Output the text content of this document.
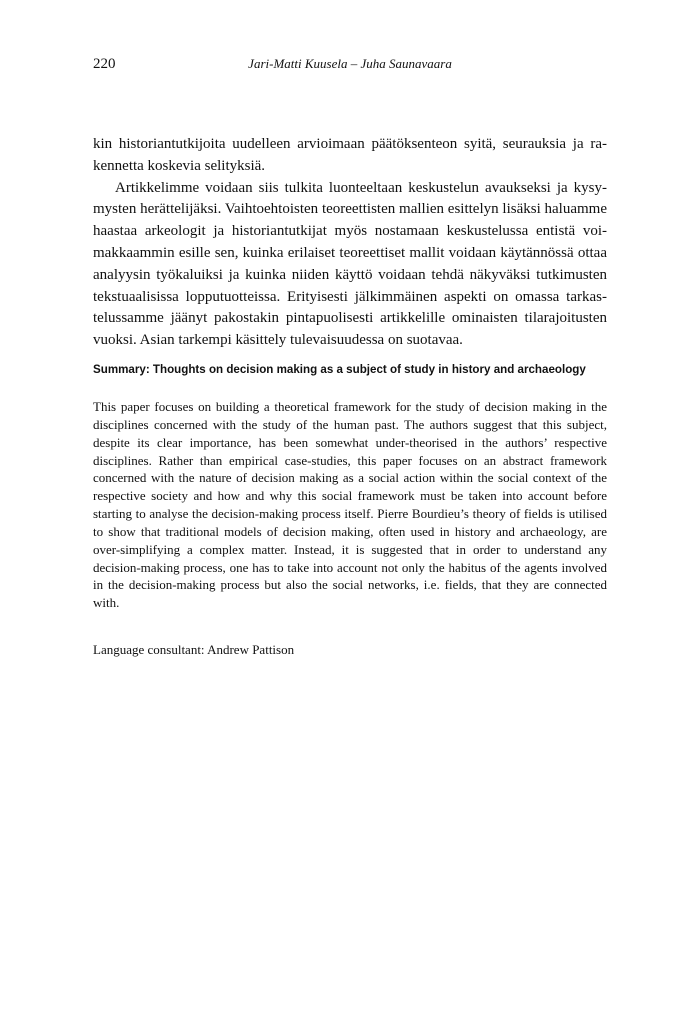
220	Jari-Matti Kuusela – Juha Saunavaara

kin historiantutkijoita uudelleen arvioimaan päätöksenteon syitä, seurauksia ja rakennetta koskevia selityksiä.

Artikkelimme voidaan siis tulkita luonteeltaan keskustelun avaukseksi ja kysymysten herättelijäksi. Vaihtoehtoisten teoreettisten mallien esittelyn lisäksi haluamme haastaa arkeologit ja historiantutkijat myös nostamaan keskustelussa entistä voimakkaammin esille sen, kuinka erilaiset teoreettiset mallit voidaan käytännössä ottaa analyysin työkaluiksi ja kuinka niiden käyttö voidaan tehdä näkyväksi tutkimusten tekstuaalisissa lopputuotteissa. Erityisesti jälkimmäinen aspekti on omassa tarkastelussamme jäänyt pakostakin pintapuolisesti artikkelille ominaisten tilarajoitusten vuoksi. Asian tarkempi käsittely tulevaisuudessa on suotavaa.

Summary: Thoughts on decision making as a subject of study in history and archaeology

This paper focuses on building a theoretical framework for the study of decision making in the disciplines concerned with the study of the human past. The authors suggest that this subject, despite its clear importance, has been somewhat under-theorised in the authors’ respective disciplines. Rather than empirical case-studies, this paper focuses on an abstract framework concerned with the nature of decision making as a social action within the social context of the respective society and how and why this social framework must be taken into account before starting to analyse the decision-making process itself. Pierre Bourdieu’s theory of fields is utilised to show that traditional models of decision making, often used in history and archaeology, are over-simplifying a complex matter. Instead, it is suggested that in order to understand any decision-making process, one has to take into account not only the habitus of the agents involved in the decision-making process but also the social networks, i.e. fields, that they are connected with.

Language consultant: Andrew Pattison
